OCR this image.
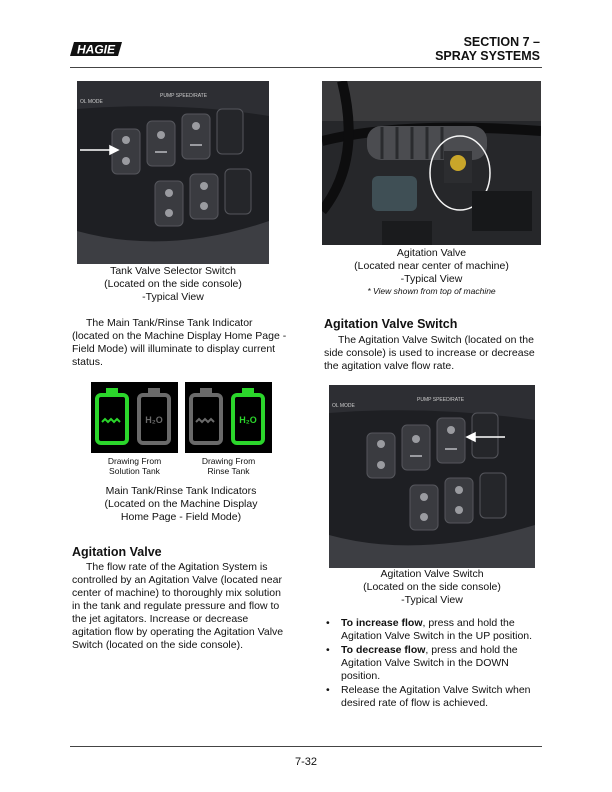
HAGIE
SECTION 7 –
SPRAY SYSTEMS
OL MODE
PUMP SPEED/RATE
Tank Valve Selector Switch
(Located on the side console)
-Typical View

The Main Tank/Rinse Tank Indicator (located on the Machine Display Home Page - Field Mode) will illuminate to display current status.

H₂O	H₂O
Drawing From
Solution Tank
Drawing From
Rinse Tank
Main Tank/Rinse Tank Indicators
(Located on the Machine Display
Home Page - Field Mode)
Agitation Valve

The flow rate of the Agitation System is controlled by an Agitation Valve (located near center of machine) to thoroughly mix solution in the tank and regulate pressure and flow to the jet agitators. Increase or decrease agitation flow by operating the Agitation Valve Switch (located on the side console).

Agitation Valve
(Located near center of machine)
-Typical View
* View shown from top of machine
Agitation Valve Switch

The Agitation Valve Switch (located on the side console) is used to increase or decrease the agitation valve flow rate.

OL MODE
PUMP SPEED/RATE
Agitation Valve Switch
(Located on the side console)
-Typical View
• To increase flow, press and hold the Agitation Valve Switch in the UP position.
• To decrease flow, press and hold the Agitation Valve Switch in the DOWN position.
• Release the Agitation Valve Switch when desired rate of flow is achieved.
7-32
